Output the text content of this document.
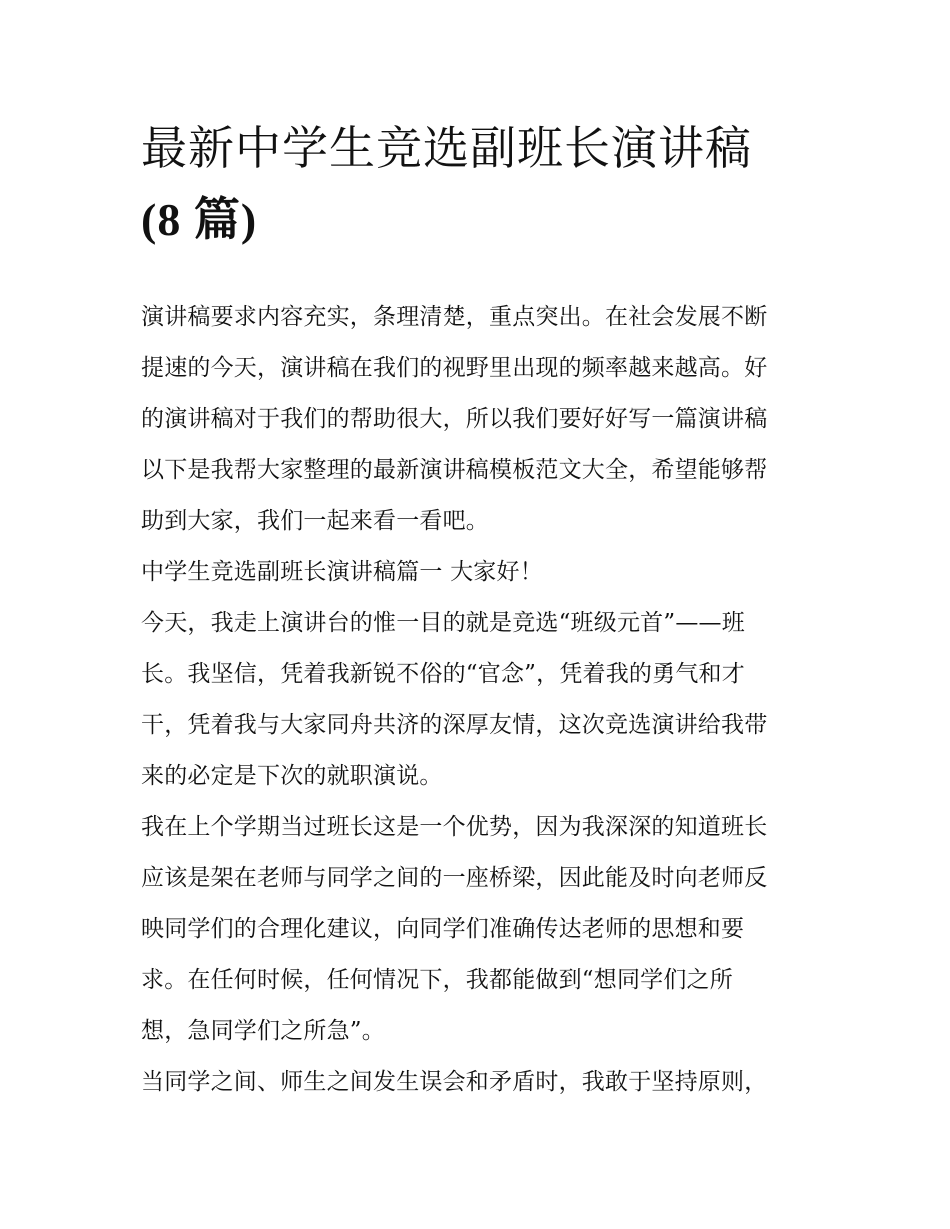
最新中学生竞选副班长演讲稿
(8 篇)

演讲稿要求内容充实，条理清楚，重点突出。在社会发展不断
提速的今天，演讲稿在我们的视野里出现的频率越来越高。好
的演讲稿对于我们的帮助很大，所以我们要好好写一篇演讲稿
以下是我帮大家整理的最新演讲稿模板范文大全，希望能够帮
助到大家，我们一起来看一看吧。

中学生竞选副班长演讲稿篇一 大家好！

今天，我走上演讲台的惟一目的就是竞选“班级元首”——班
长。我坚信，凭着我新锐不俗的“官念”，凭着我的勇气和才
干，凭着我与大家同舟共济的深厚友情，这次竞选演讲给我带
来的必定是下次的就职演说。

我在上个学期当过班长这是一个优势，因为我深深的知道班长
应该是架在老师与同学之间的一座桥梁，因此能及时向老师反
映同学们的合理化建议，向同学们准确传达老师的思想和要
求。在任何时候，任何情况下，我都能做到“想同学们之所
想，急同学们之所急”。

当同学之间、师生之间发生误会和矛盾时，我敢于坚持原则，
